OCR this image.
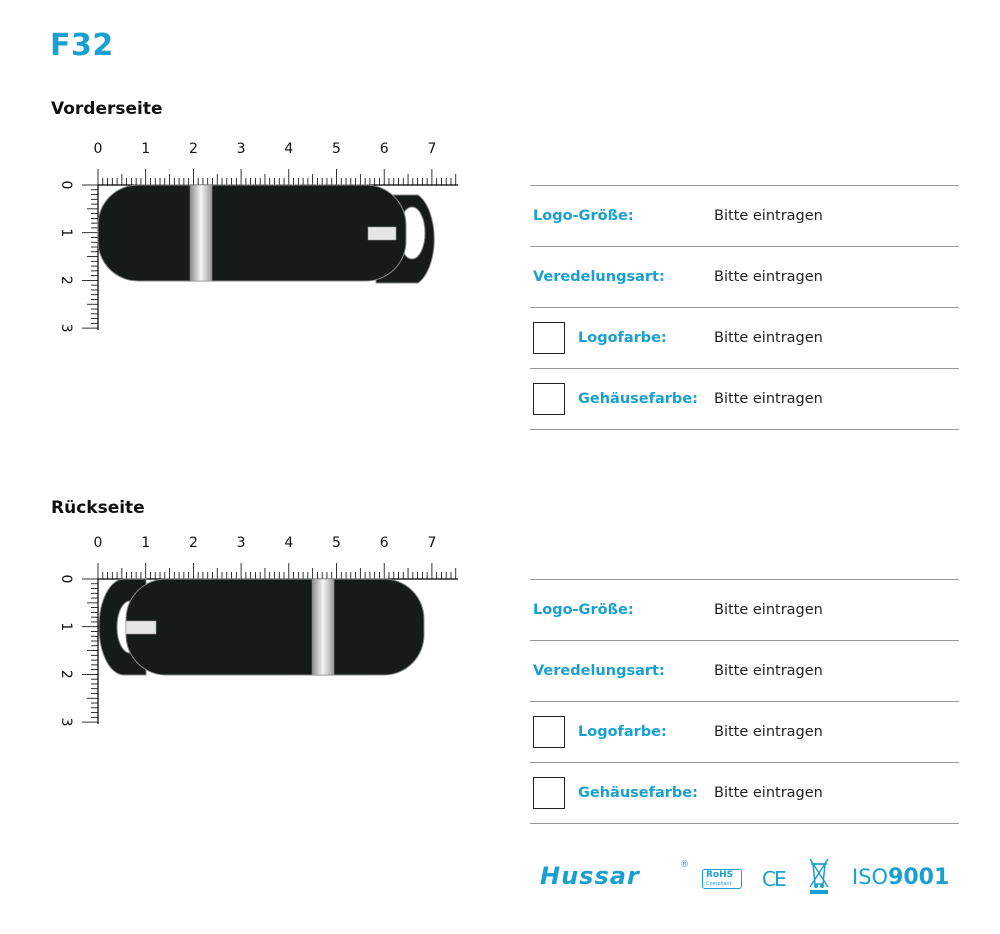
F32
Vorderseite
0	1	2	3	4	5	6	7
0
1
2
3
Logo-Größe:	Bitte eintragen
Veredelungsart:	Bitte eintragen
Logofarbe:	Bitte eintragen
Gehäusefarbe: Bitte eintragen
Rückseite
0	1	2	3	4	5	6	7
0
1
2
3
Logo-Größe:	Bitte eintragen
Veredelungsart:	Bitte eintragen
Logofarbe:	Bitte eintragen
Gehäusefarbe: Bitte eintragen
Hussar	®
RoHS
Compliant	CE	ISO9001
